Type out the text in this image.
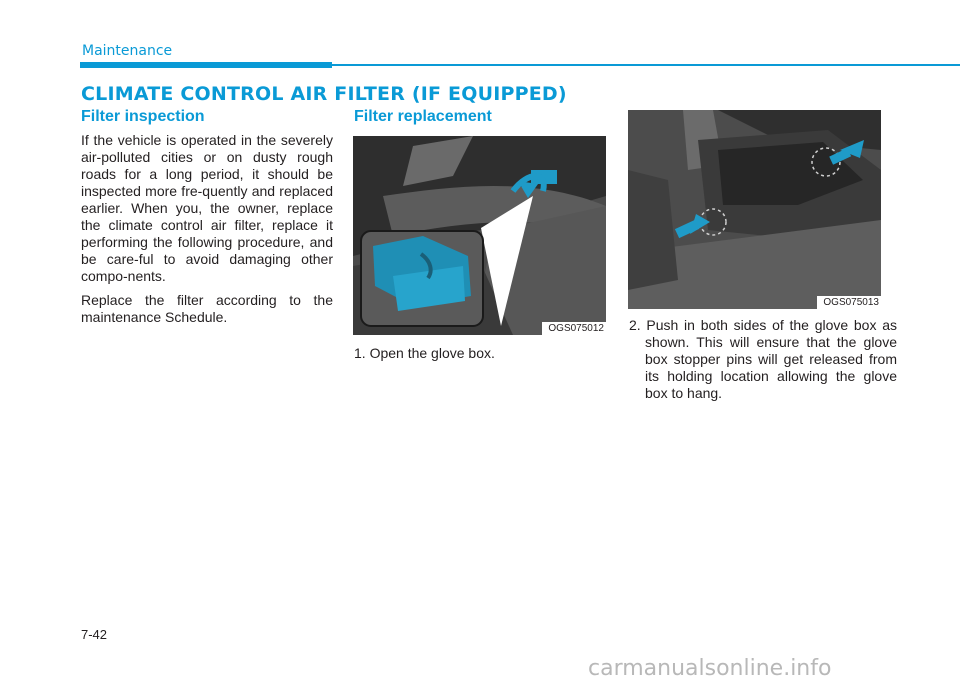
Maintenance
CLIMATE CONTROL AIR FILTER (IF EQUIPPED)
Filter inspection

If the vehicle is operated in the severely air-polluted cities or on dusty rough roads for a long period, it should be inspected more fre-quently and replaced earlier. When you, the owner, replace the climate control air filter, replace it performing the following procedure, and be care-ful to avoid damaging other compo-nents.

Replace the filter according to the maintenance Schedule.

Filter replacement
OGS075012
1. Open the glove box.
OGS075013
2. Push in both sides of the glove box as shown. This will ensure that the glove box stopper pins will get released from its holding location allowing the glove box to hang.
7-42
carmanualsonline.info
